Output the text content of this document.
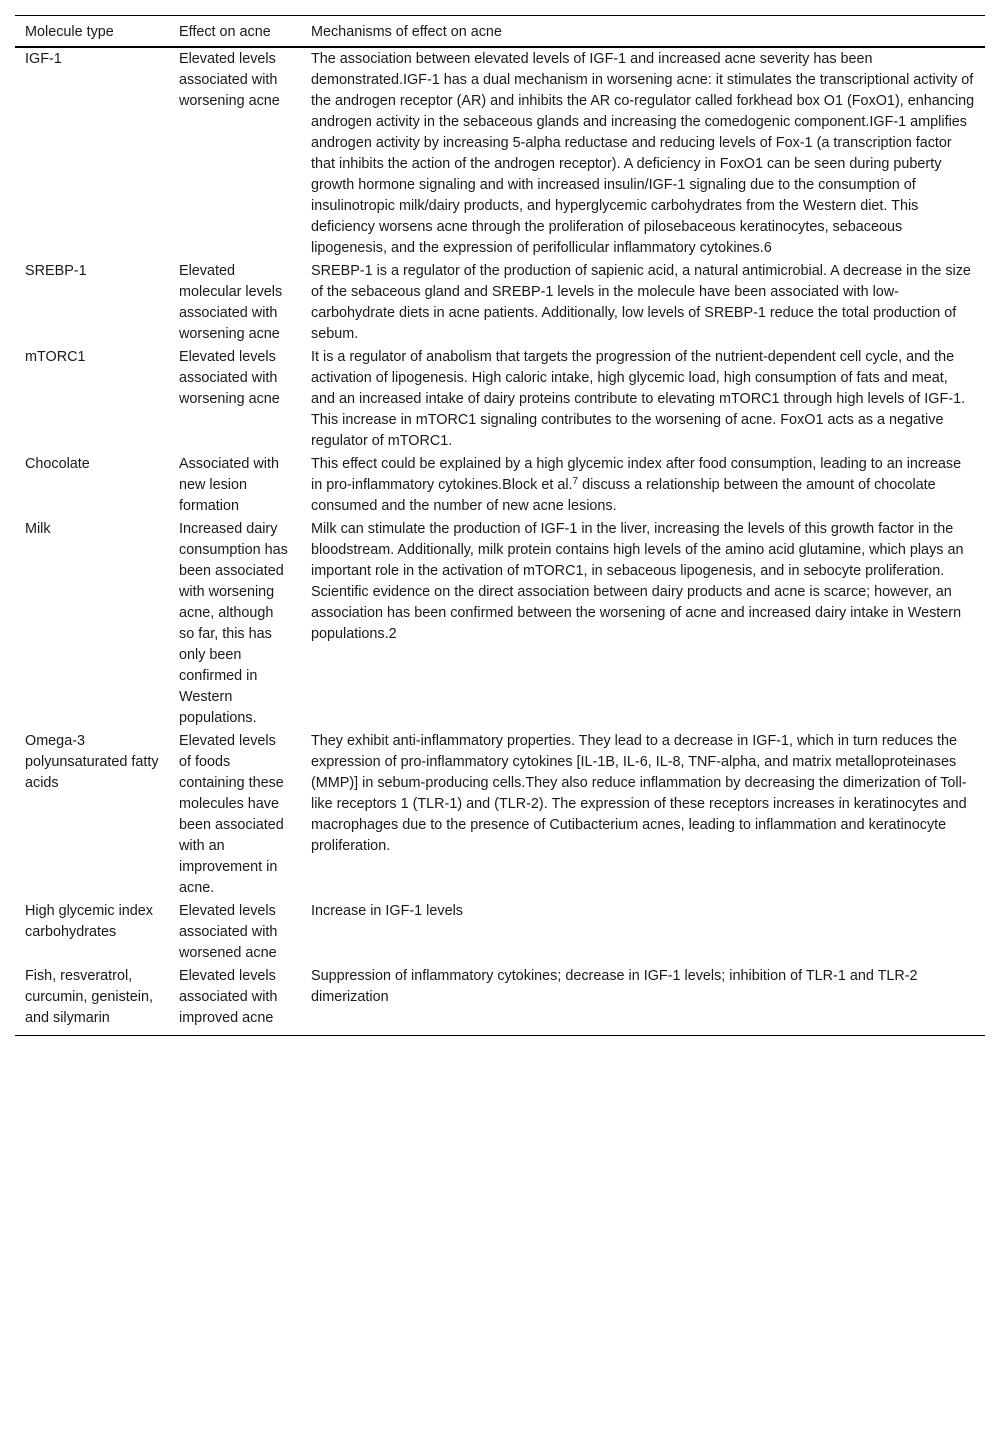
Molecule type	Effect on acne	Mechanisms of effect on acne
IGF-1	Elevated levels associated with worsening acne	The association between elevated levels of IGF-1 and increased acne severity has been demonstrated.IGF-1 has a dual mechanism in worsening acne: it stimulates the transcriptional activity of the androgen receptor (AR) and inhibits the AR co-regulator called forkhead box O1 (FoxO1), enhancing androgen activity in the sebaceous glands and increasing the comedogenic component.IGF-1 amplifies androgen activity by increasing 5-alpha reductase and reducing levels of Fox-1 (a transcription factor that inhibits the action of the androgen receptor). A deficiency in FoxO1 can be seen during puberty growth hormone signaling and with increased insulin/IGF-1 signaling due to the consumption of insulinotropic milk/dairy products, and hyperglycemic carbohydrates from the Western diet. This deficiency worsens acne through the proliferation of pilosebaceous keratinocytes, sebaceous lipogenesis, and the expression of perifollicular inflammatory cytokines.6
SREBP-1	Elevated molecular levels associated with worsening acne	SREBP-1 is a regulator of the production of sapienic acid, a natural antimicrobial. A decrease in the size of the sebaceous gland and SREBP-1 levels in the molecule have been associated with low-carbohydrate diets in acne patients. Additionally, low levels of SREBP-1 reduce the total production of sebum.
mTORC1	Elevated levels associated with worsening acne	It is a regulator of anabolism that targets the progression of the nutrient-dependent cell cycle, and the activation of lipogenesis. High caloric intake, high glycemic load, high consumption of fats and meat, and an increased intake of dairy proteins contribute to elevating mTORC1 through high levels of IGF-1. This increase in mTORC1 signaling contributes to the worsening of acne. FoxO1 acts as a negative regulator of mTORC1.
Chocolate	Associated with new lesion formation	This effect could be explained by a high glycemic index after food consumption, leading to an increase in pro-inflammatory cytokines.Block et al.$^7$ discuss a relationship between the amount of chocolate consumed and the number of new acne lesions.
Milk	Increased dairy consumption has been associated with worsening acne, although so far, this has only been confirmed in Western populations.	Milk can stimulate the production of IGF-1 in the liver, increasing the levels of this growth factor in the bloodstream. Additionally, milk protein contains high levels of the amino acid glutamine, which plays an important role in the activation of mTORC1, in sebaceous lipogenesis, and in sebocyte proliferation. Scientific evidence on the direct association between dairy products and acne is scarce; however, an association has been confirmed between the worsening of acne and increased dairy intake in Western populations.2
Omega-3 polyunsaturated fatty acids	Elevated levels of foods containing these molecules have been associated with an improvement in acne.	They exhibit anti-inflammatory properties. They lead to a decrease in IGF-1, which in turn reduces the expression of pro-inflammatory cytokines [IL-1B, IL-6, IL-8, TNF-alpha, and matrix metalloproteinases (MMP)] in sebum-producing cells.They also reduce inflammation by decreasing the dimerization of Toll-like receptors 1 (TLR-1) and (TLR-2). The expression of these receptors increases in keratinocytes and macrophages due to the presence of Cutibacterium acnes, leading to inflammation and keratinocyte proliferation.
High glycemic index carbohydrates	Elevated levels associated with worsened acne	Increase in IGF-1 levels
Fish, resveratrol, curcumin, genistein, and silymarin	Elevated levels associated with improved acne	Suppression of inflammatory cytokines; decrease in IGF-1 levels; inhibition of TLR-1 and TLR-2 dimerization
